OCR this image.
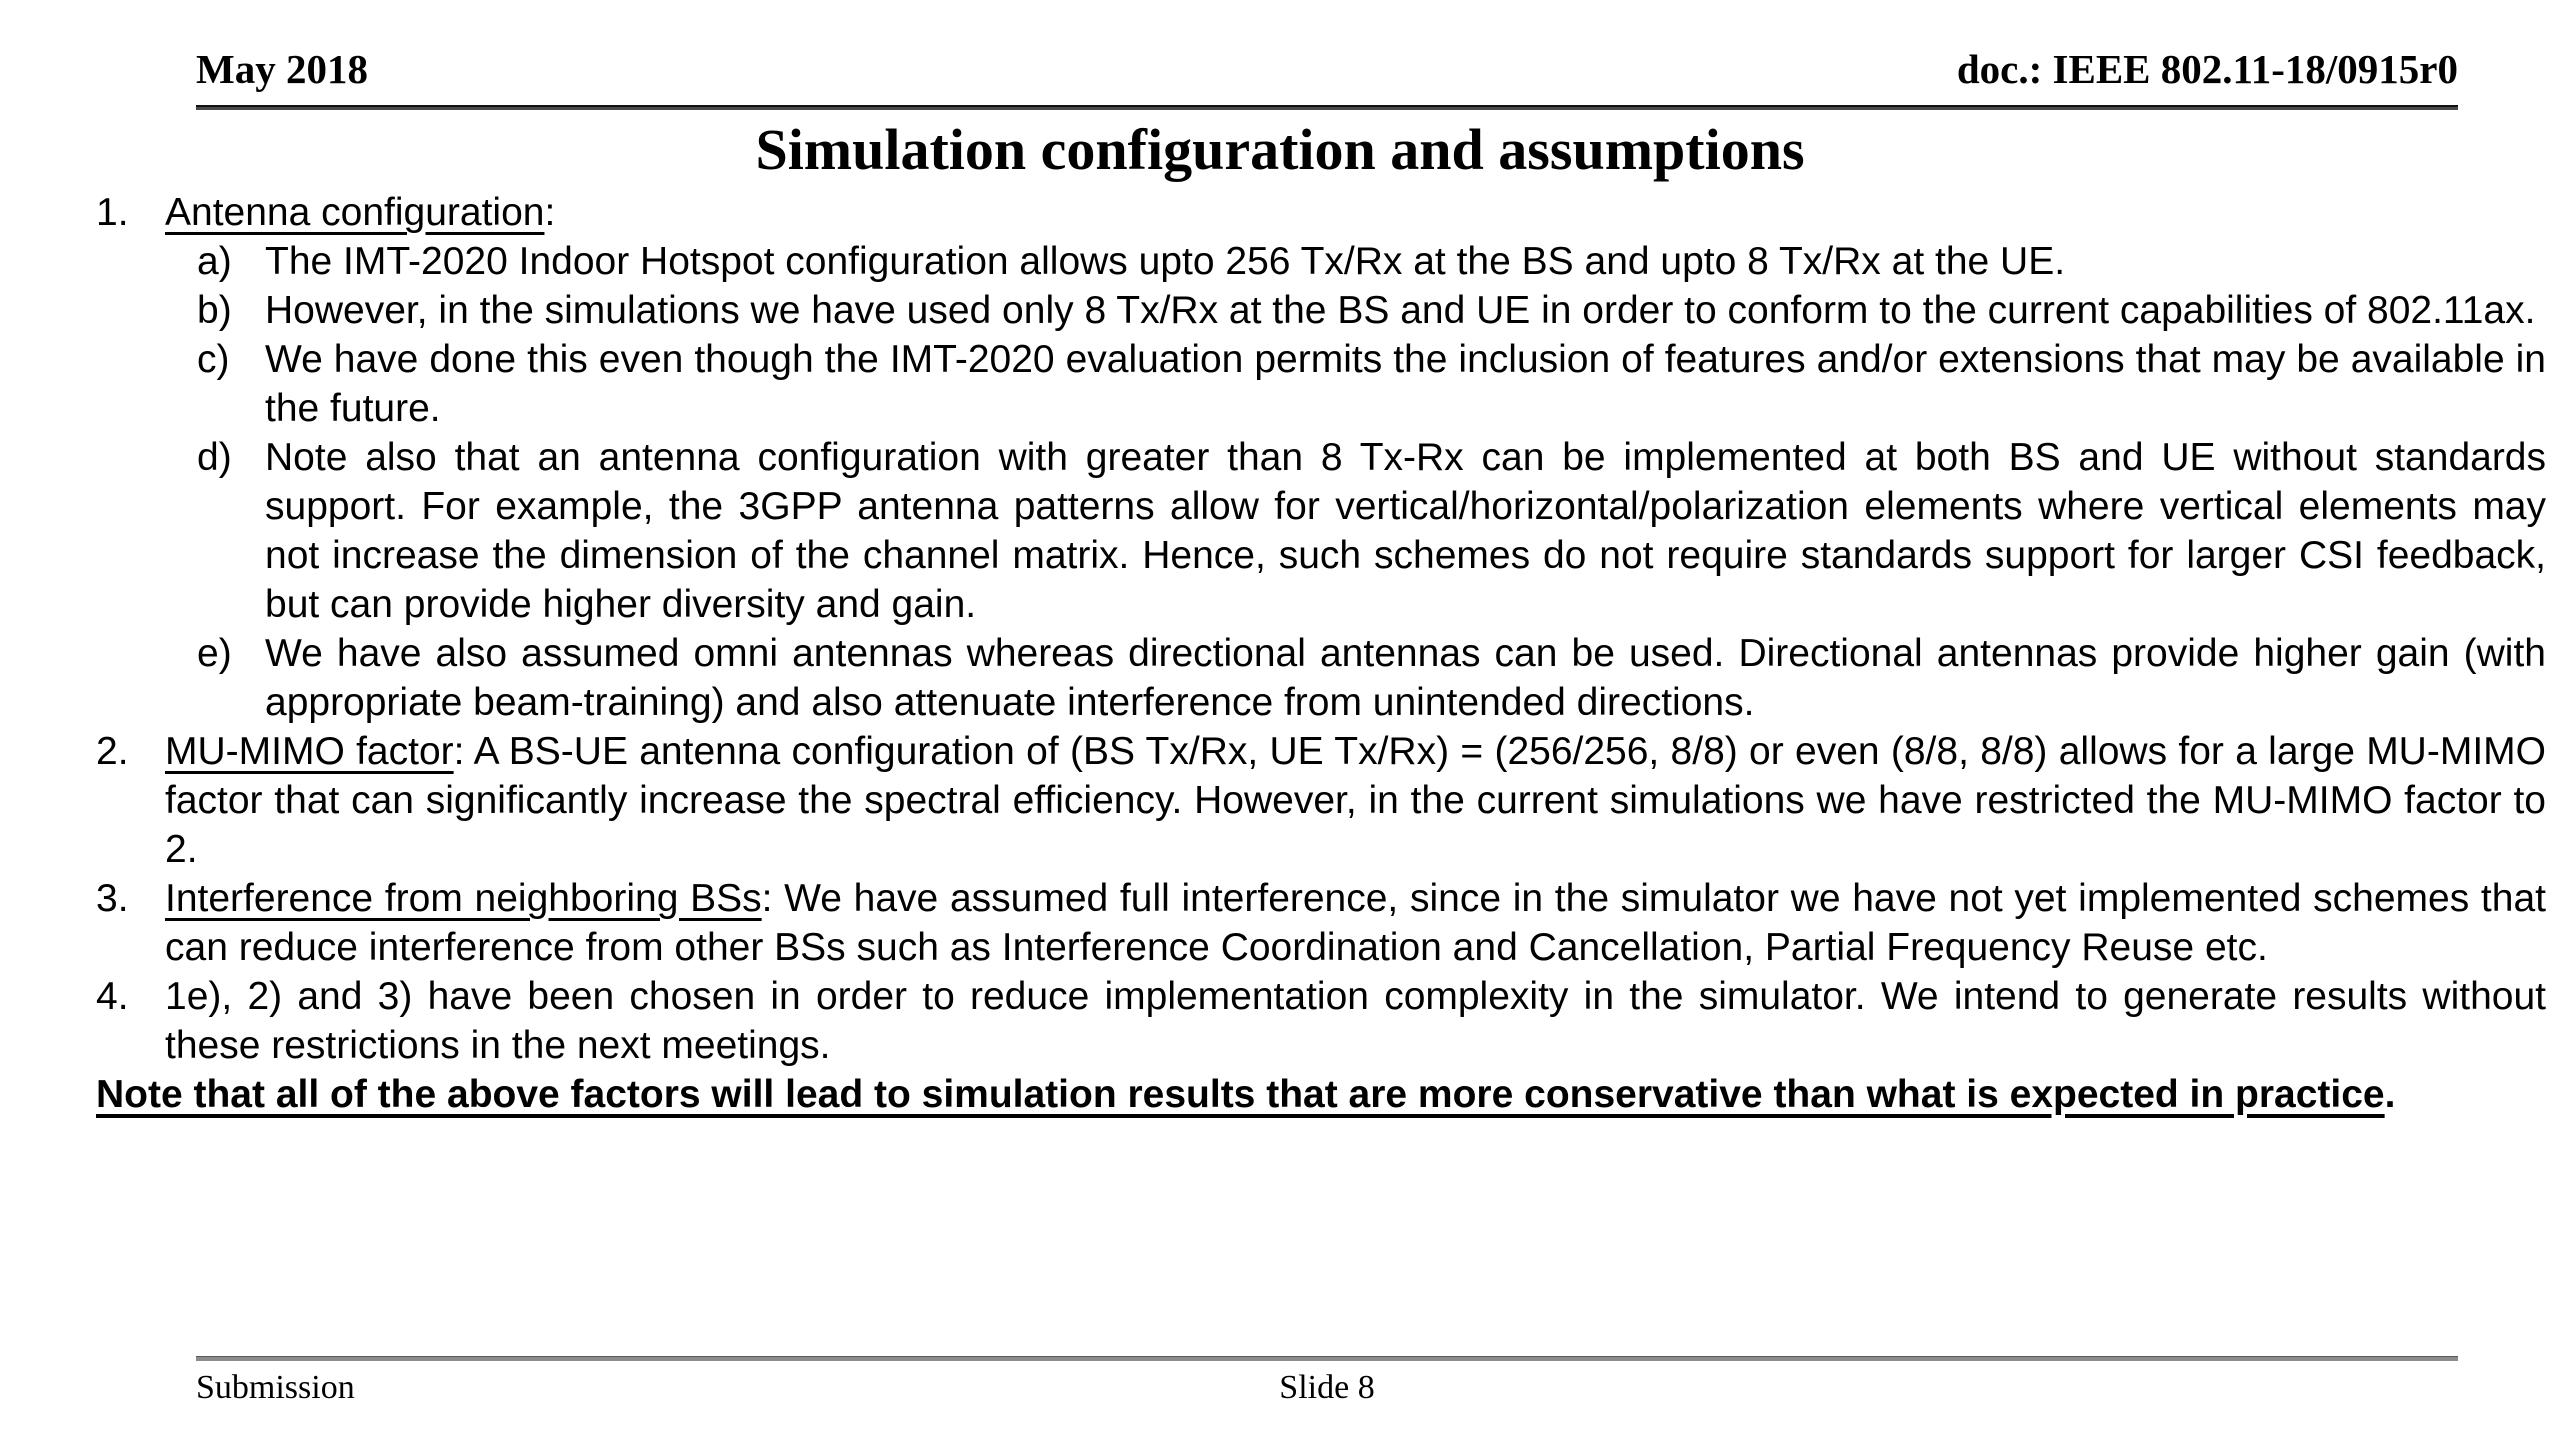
May 2018	doc.: IEEE 802.11-18/0915r0
Simulation configuration and assumptions
1. Antenna configuration:
a) The IMT-2020 Indoor Hotspot configuration allows upto 256 Tx/Rx at the BS and upto 8 Tx/Rx at the UE.
b) However, in the simulations we have used only 8 Tx/Rx at the BS and UE in order to conform to the current capabilities of 802.11ax.
c) We have done this even though the IMT-2020 evaluation permits the inclusion of features and/or extensions that may be available in the future.
d) Note also that an antenna configuration with greater than 8 Tx-Rx can be implemented at both BS and UE without standards support. For example, the 3GPP antenna patterns allow for vertical/horizontal/polarization elements where vertical elements may not increase the dimension of the channel matrix. Hence, such schemes do not require standards support for larger CSI feedback, but can provide higher diversity and gain.
e) We have also assumed omni antennas whereas directional antennas can be used. Directional antennas provide higher gain (with appropriate beam-training) and also attenuate interference from unintended directions.
2. MU-MIMO factor: A BS-UE antenna configuration of (BS Tx/Rx, UE Tx/Rx) = (256/256, 8/8) or even (8/8, 8/8) allows for a large MU-MIMO factor that can significantly increase the spectral efficiency. However, in the current simulations we have restricted the MU-MIMO factor to 2.
3. Interference from neighboring BSs: We have assumed full interference, since in the simulator we have not yet implemented schemes that can reduce interference from other BSs such as Interference Coordination and Cancellation, Partial Frequency Reuse etc.
4. 1e), 2) and 3) have been chosen in order to reduce implementation complexity in the simulator. We intend to generate results without these restrictions in the next meetings.
Note that all of the above factors will lead to simulation results that are more conservative than what is expected in practice.
Submission	Slide 8
